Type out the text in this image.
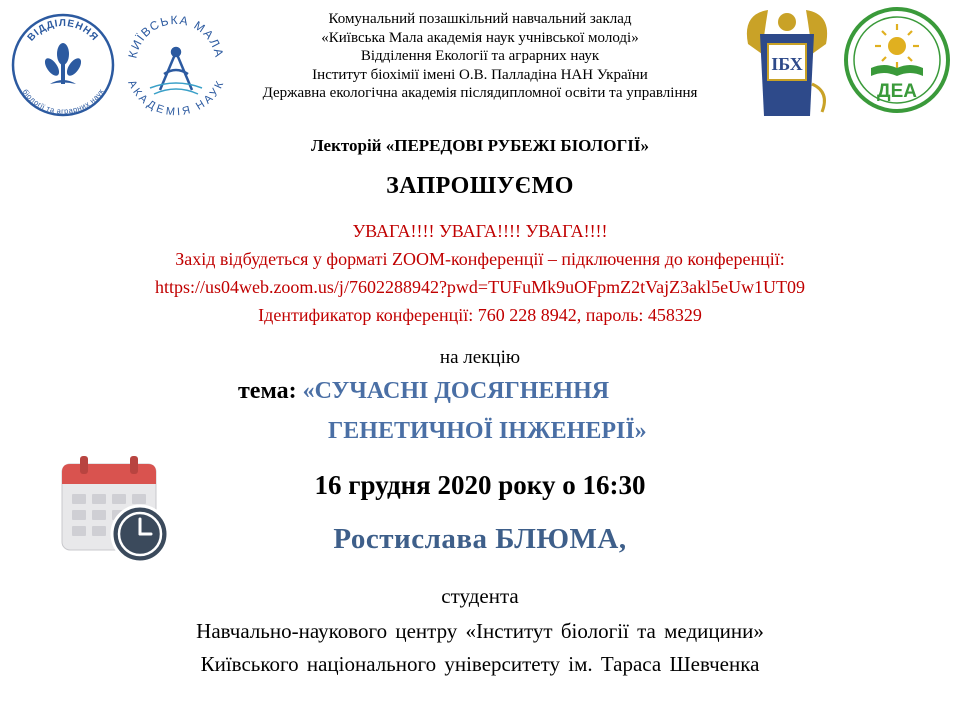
ВІДДІЛЕННЯ
біології та аграрних наук
КИЇВСЬКА МАЛА
АКАДЕМІЯ НАУК
Комунальний позашкільний навчальний заклад
«Київська Мала академія наук учнівської молоді»
Відділення Екології та аграрних наук
Інститут біохімії імені О.В. Палладіна НАН України
Державна екологічна академія післядипломної освіти та управління
ІБХ
ДЕА
Лекторій «ПЕРЕДОВІ РУБЕЖІ БІОЛОГІЇ»
ЗАПРОШУЄМО
УВАГА!!!! УВАГА!!!! УВАГА!!!!
Захід відбудеться у форматі ZOOM-конференції – підключення до конференції:
https://us04web.zoom.us/j/7602288942?pwd=TUFuMk9uOFpmZ2tVajZ3akl5eUw1UT09
Ідентификатор конференції: 760 228 8942, пароль: 458329
на лекцію
тема: «СУЧАСНІ ДОСЯГНЕННЯ
ГЕНЕТИЧНОЇ ІНЖЕНЕРІЇ»
16 грудня 2020 року о 16:30
Ростислава БЛЮМА,
студента
Навчально-наукового центру «Інститут біології та медицини»
Київського національного університету ім. Тараса Шевченка
